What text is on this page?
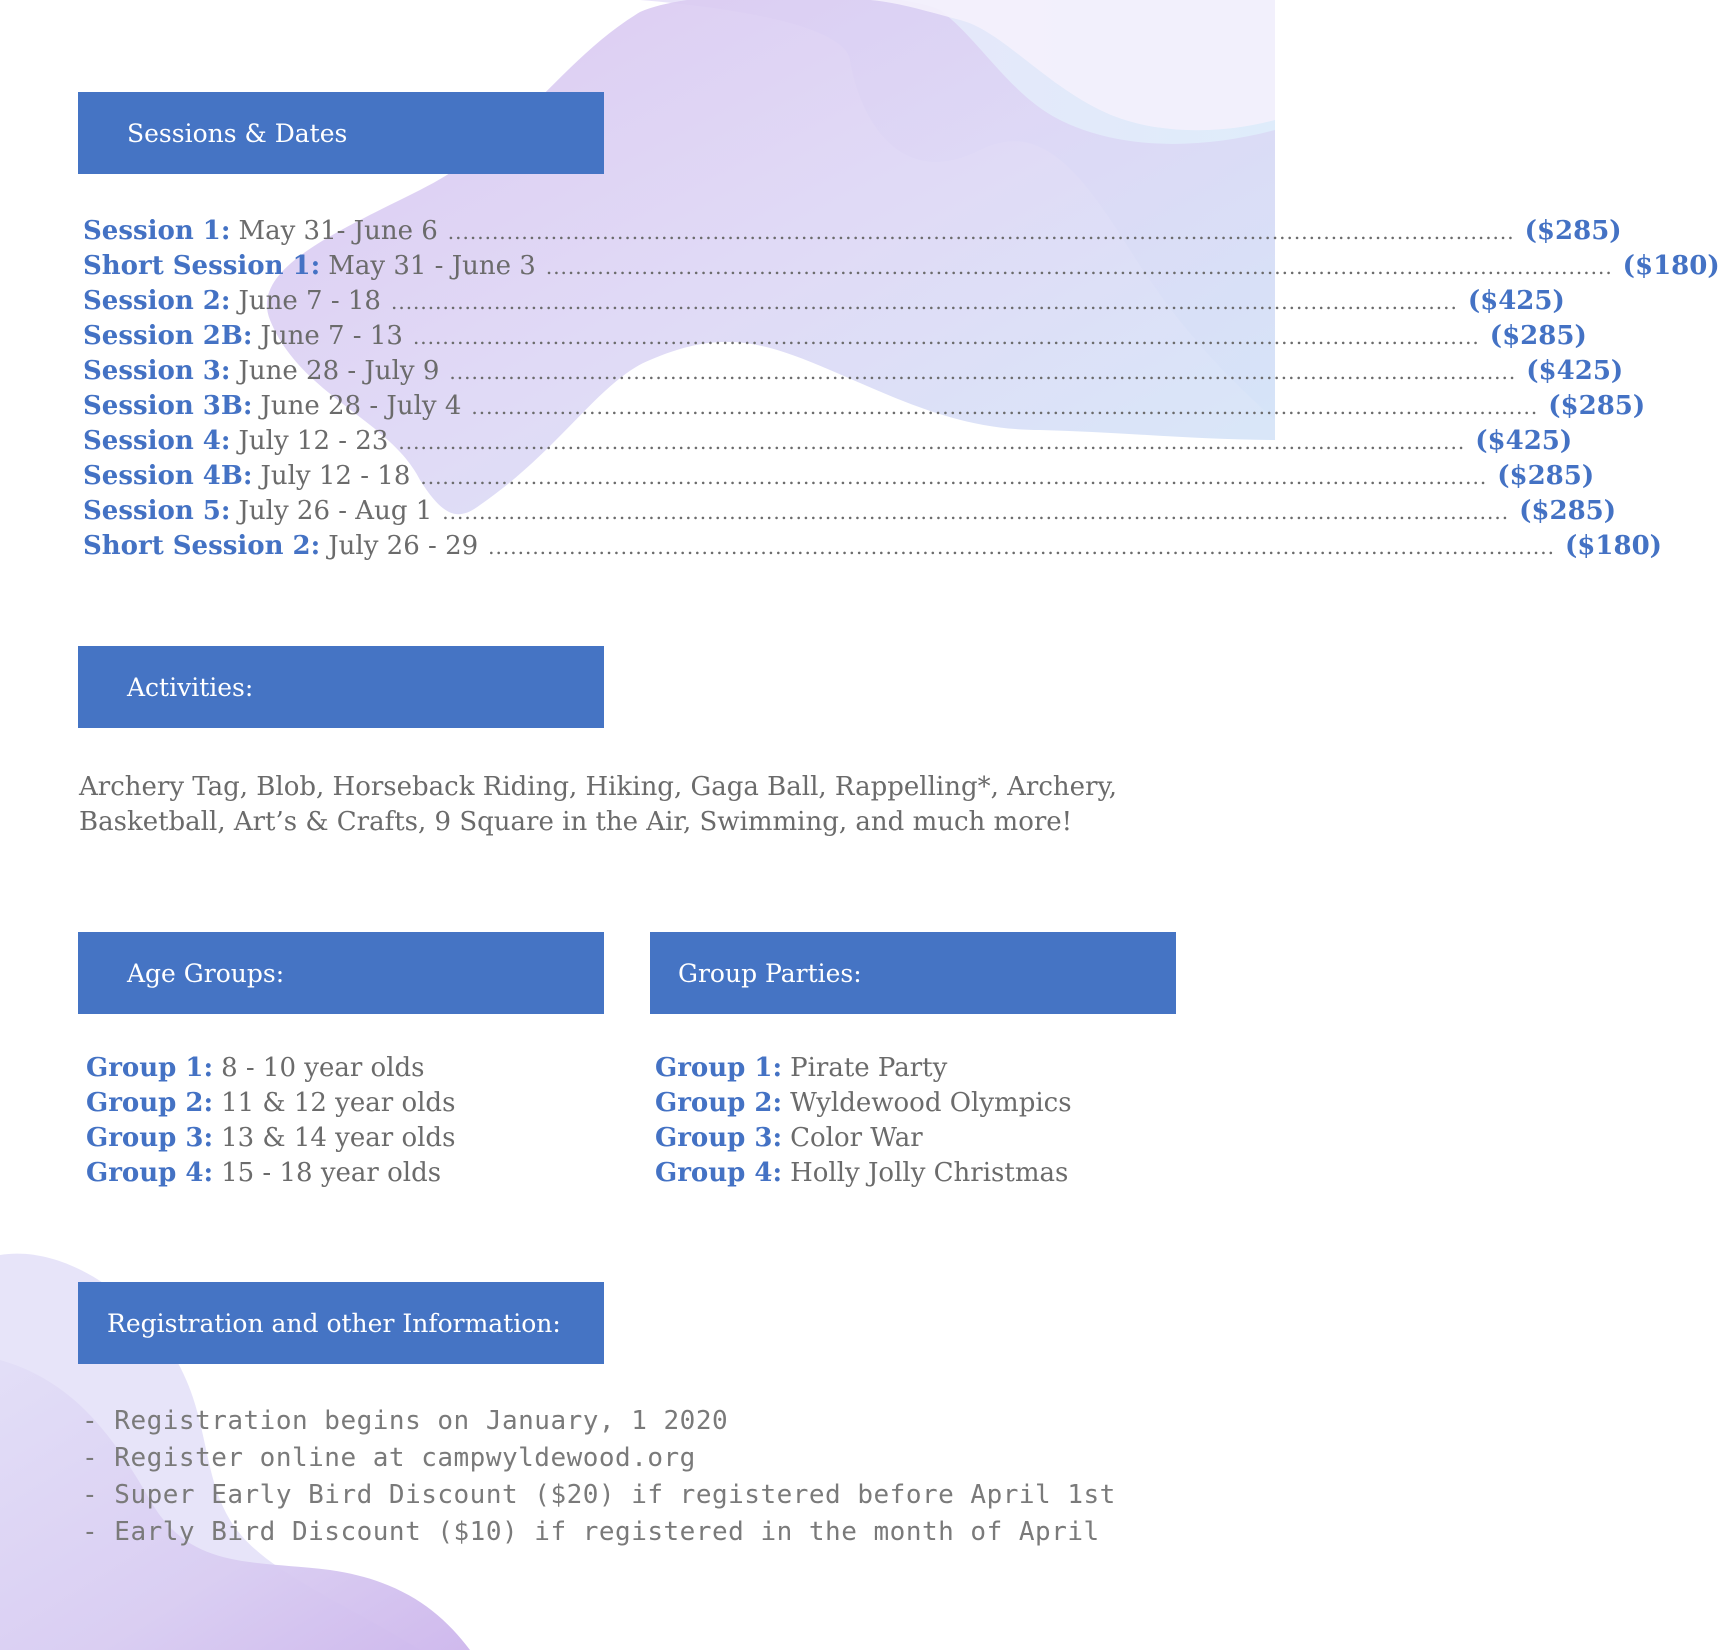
Sessions & Dates
Session 1: May 31- June 6 ................................................................................................................................................. ($285)
Short Session 1: May 31 - June 3 ................................................................................................................................................. ($180)
Session 2: June 7 - 18 ................................................................................................................................................. ($425)
Session 2B: June 7 - 13 ................................................................................................................................................. ($285)
Session 3: June 28 - July 9 ................................................................................................................................................. ($425)
Session 3B: June 28 - July 4 ................................................................................................................................................. ($285)
Session 4: July 12 - 23 ................................................................................................................................................. ($425)
Session 4B: July 12 - 18 ................................................................................................................................................. ($285)
Session 5: July 26 - Aug 1 ................................................................................................................................................. ($285)
Short Session 2: July 26 - 29 ................................................................................................................................................. ($180)
Activities:
Archery Tag, Blob, Horseback Riding, Hiking, Gaga Ball, Rappelling*, Archery, Basketball, Art’s & Crafts, 9 Square in the Air, Swimming, and much more!
Age Groups:	Group Parties:
Group 1: 8 - 10 year olds
Group 2: 11 & 12 year olds
Group 3: 13 & 14 year olds
Group 4: 15 - 18 year olds
Group 1: Pirate Party
Group 2: Wyldewood Olympics
Group 3: Color War
Group 4: Holly Jolly Christmas
Registration and other Information:
- Registration begins on January, 1 2020
- Register online at campwyldewood.org
- Super Early Bird Discount ($20) if registered before April 1st
- Early Bird Discount ($10) if registered in the month of April
